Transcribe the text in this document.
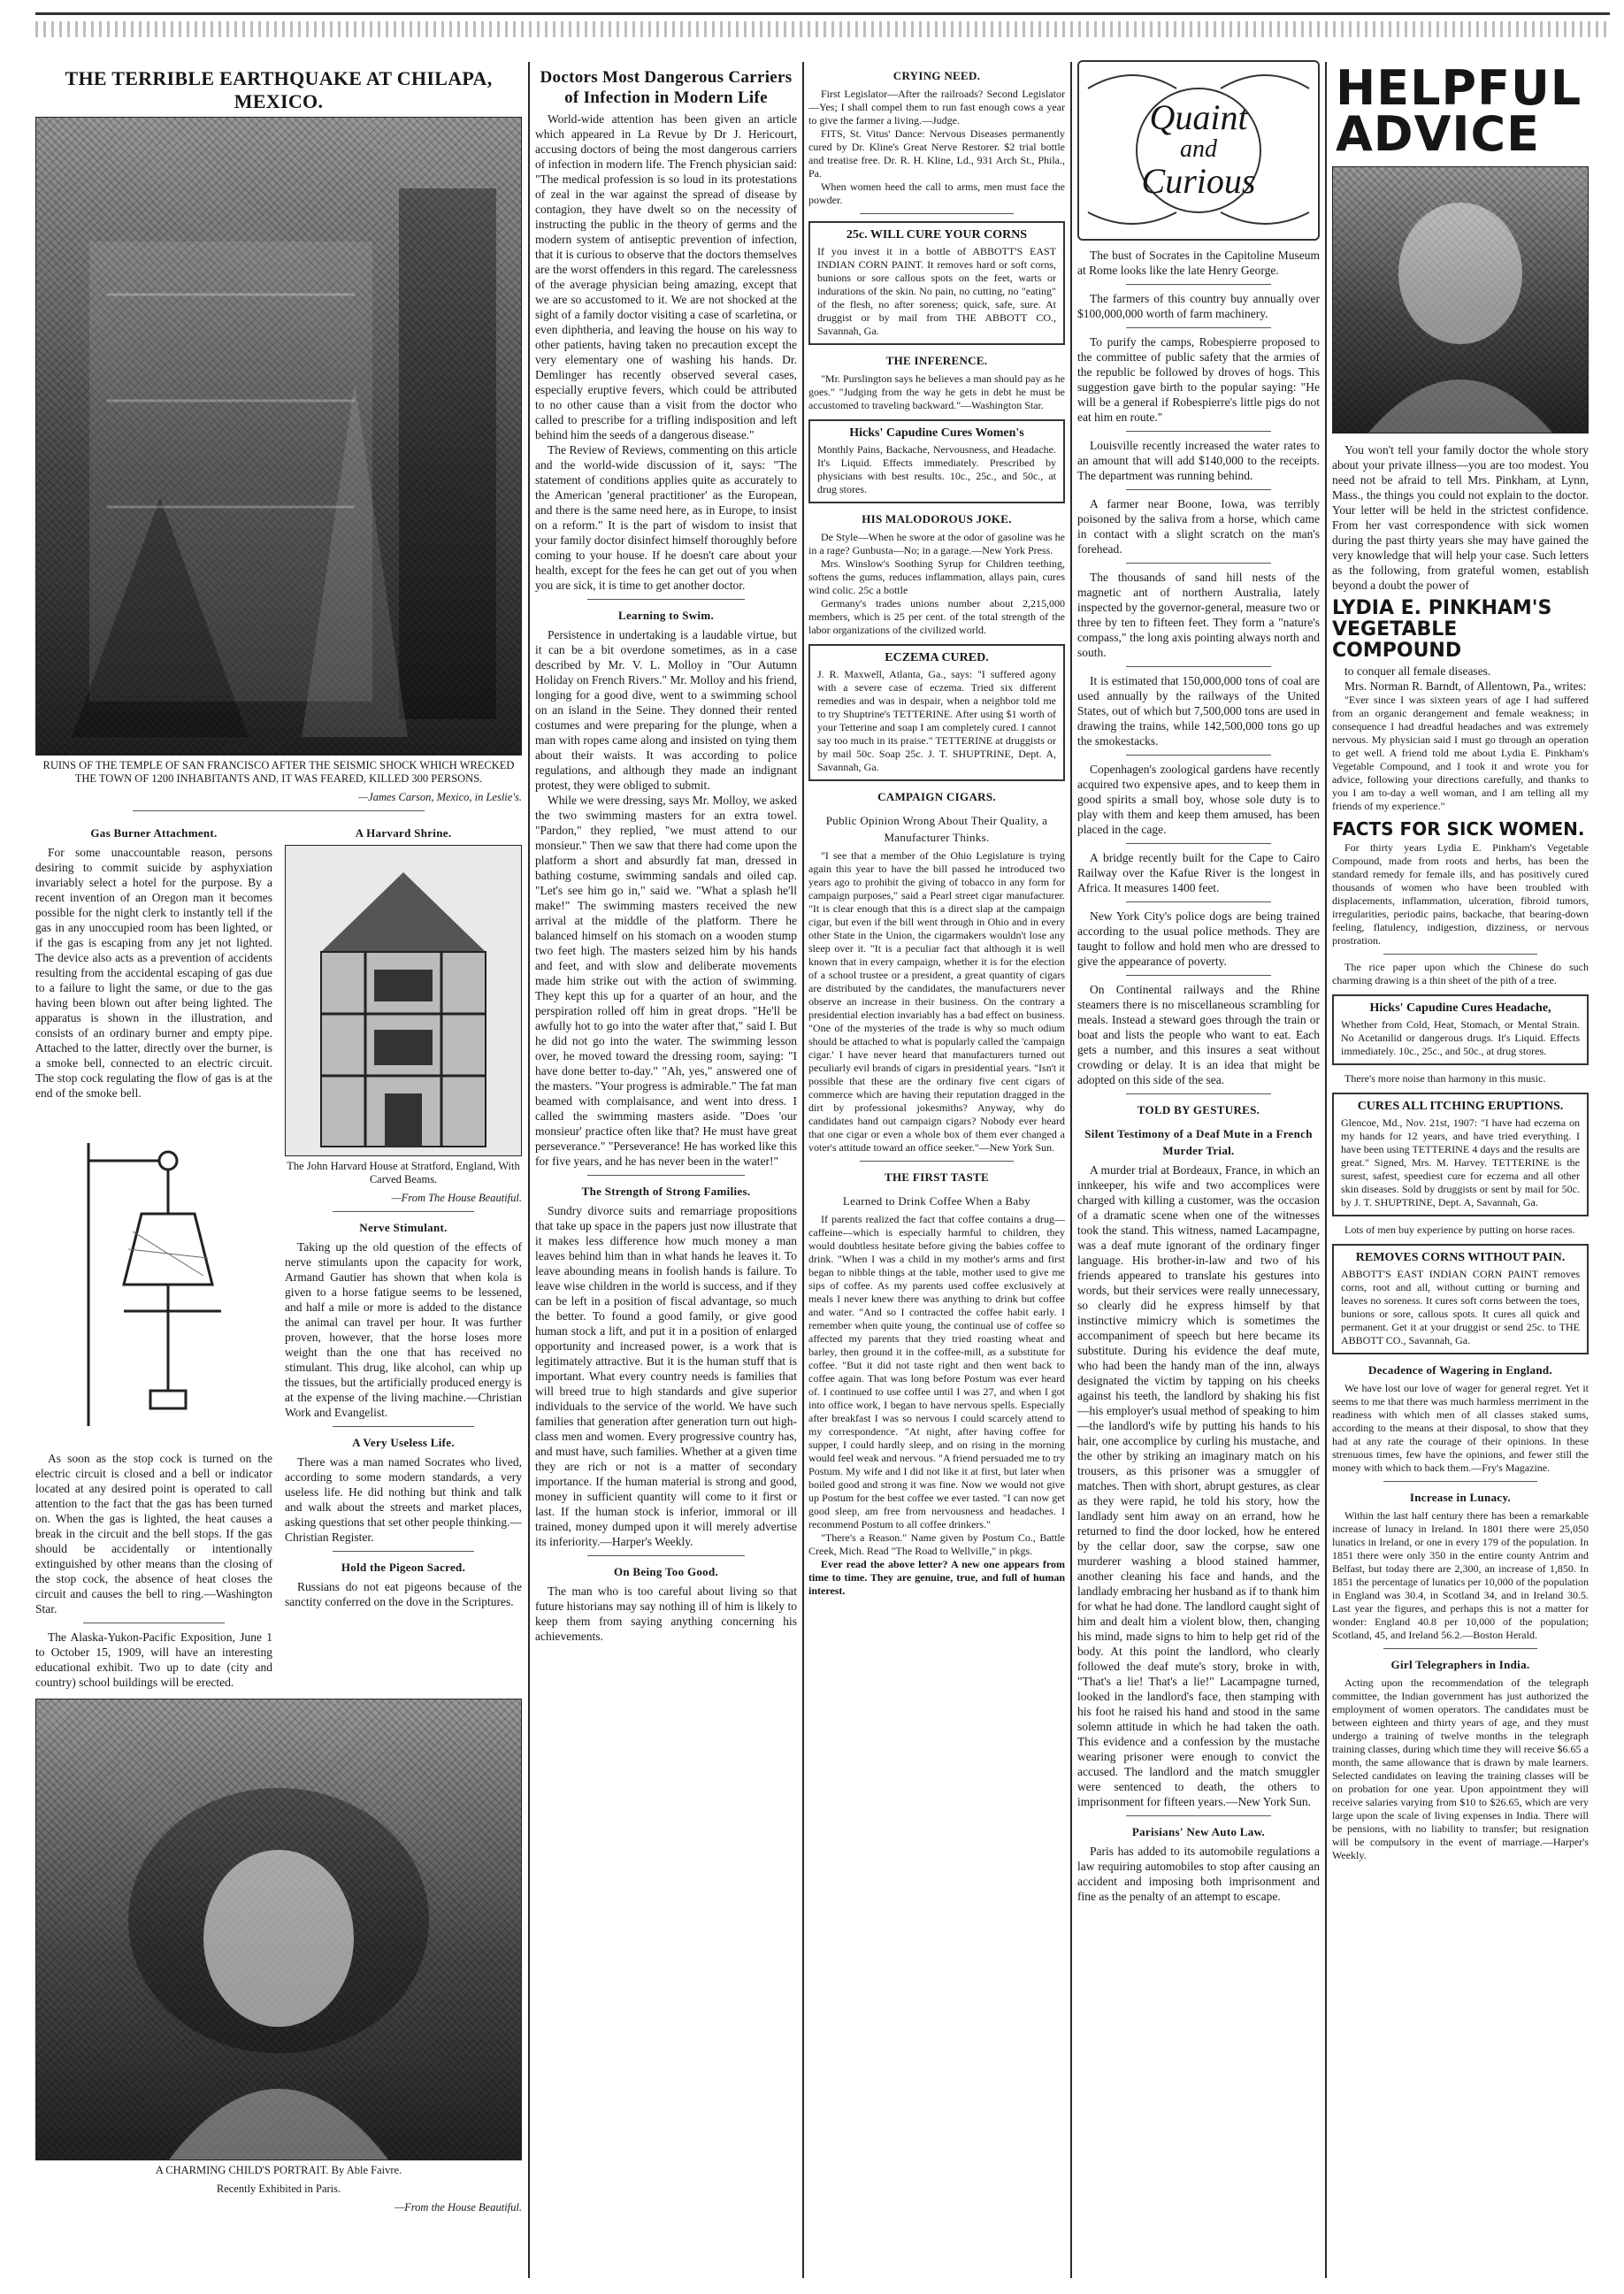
THE TERRIBLE EARTHQUAKE AT CHILAPA, MEXICO.
RUINS OF THE TEMPLE OF SAN FRANCISCO AFTER THE SEISMIC SHOCK WHICH WRECKED THE TOWN OF 1200 INHABITANTS AND, IT WAS FEARED, KILLED 300 PERSONS.
—James Carson, Mexico, in Leslie's.
Gas Burner Attachment.

For some unaccountable reason, persons desiring to commit suicide by asphyxiation invariably select a hotel for the purpose. By a recent invention of an Oregon man it becomes possible for the night clerk to instantly tell if the gas in any unoccupied room has been lighted, or if the gas is escaping from any jet not lighted. The device also acts as a prevention of accidents resulting from the accidental escaping of gas due to a failure to light the same, or due to the gas having been blown out after being lighted. The apparatus is shown in the illustration, and consists of an ordinary burner and empty pipe. Attached to the latter, directly over the burner, is a smoke bell, connected to an electric circuit. The stop cock regulating the flow of gas is at the end of the smoke bell.

As soon as the stop cock is turned on the electric circuit is closed and a bell or indicator located at any desired point is operated to call attention to the fact that the gas has been turned on. When the gas is lighted, the heat causes a break in the circuit and the bell stops. If the gas should be accidentally or intentionally extinguished by other means than the closing of the stop cock, the absence of heat closes the circuit and causes the bell to ring.—Washington Star.

The Alaska-Yukon-Pacific Exposition, June 1 to October 15, 1909, will have an interesting educational exhibit. Two up to date (city and country) school buildings will be erected.

A Harvard Shrine.
The John Harvard House at Stratford, England, With Carved Beams.
—From The House Beautiful.
Nerve Stimulant.

Taking up the old question of the effects of nerve stimulants upon the capacity for work, Armand Gautier has shown that when kola is given to a horse fatigue seems to be lessened, and half a mile or more is added to the distance the animal can travel per hour. It was further proven, however, that the horse loses more weight than the one that has received no stimulant. This drug, like alcohol, can whip up the tissues, but the artificially produced energy is at the expense of the living machine.—Christian Work and Evangelist.

A Very Useless Life.

There was a man named Socrates who lived, according to some modern standards, a very useless life. He did nothing but think and talk and walk about the streets and market places, asking questions that set other people thinking.—Christian Register.

Hold the Pigeon Sacred.

Russians do not eat pigeons because of the sanctity conferred on the dove in the Scriptures.

A CHARMING CHILD'S PORTRAIT. By Able Faivre.
Recently Exhibited in Paris.
—From the House Beautiful.
Doctors Most Dangerous Carriers of Infection in Modern Life

World-wide attention has been given an article which appeared in La Revue by Dr J. Hericourt, accusing doctors of being the most dangerous carriers of infection in modern life. The French physician said: "The medical profession is so loud in its protestations of zeal in the war against the spread of disease by contagion, they have dwelt so on the necessity of instructing the public in the theory of germs and the modern system of antiseptic prevention of infection, that it is curious to observe that the doctors themselves are the worst offenders in this regard. The carelessness of the average physician being amazing, except that we are so accustomed to it. We are not shocked at the sight of a family doctor visiting a case of scarletina, or even diphtheria, and leaving the house on his way to other patients, having taken no precaution except the very elementary one of washing his hands. Dr. Demlinger has recently observed several cases, especially eruptive fevers, which could be attributed to no other cause than a visit from the doctor who called to prescribe for a trifling indisposition and left behind him the seeds of a dangerous disease."

The Review of Reviews, commenting on this article and the world-wide discussion of it, says: "The statement of conditions applies quite as accurately to the American 'general practitioner' as the European, and there is the same need here, as in Europe, to insist on a reform." It is the part of wisdom to insist that your family doctor disinfect himself thoroughly before coming to your house. If he doesn't care about your health, except for the fees he can get out of you when you are sick, it is time to get another doctor.

Learning to Swim.

Persistence in undertaking is a laudable virtue, but it can be a bit overdone sometimes, as in a case described by Mr. V. L. Molloy in "Our Autumn Holiday on French Rivers." Mr. Molloy and his friend, longing for a good dive, went to a swimming school on an island in the Seine. They donned their rented costumes and were preparing for the plunge, when a man with ropes came along and insisted on tying them about their waists. It was according to police regulations, and although they made an indignant protest, they were obliged to submit.

While we were dressing, says Mr. Molloy, we asked the two swimming masters for an extra towel. "Pardon," they replied, "we must attend to our monsieur." Then we saw that there had come upon the platform a short and absurdly fat man, dressed in bathing costume, swimming sandals and oiled cap. "Let's see him go in," said we. "What a splash he'll make!" The swimming masters received the new arrival at the middle of the platform. There he balanced himself on his stomach on a wooden stump two feet high. The masters seized him by his hands and feet, and with slow and deliberate movements made him strike out with the action of swimming. They kept this up for a quarter of an hour, and the perspiration rolled off him in great drops. "He'll be awfully hot to go into the water after that," said I. But he did not go into the water. The swimming lesson over, he moved toward the dressing room, saying: "I have done better to-day." "Ah, yes," answered one of the masters. "Your progress is admirable." The fat man beamed with complaisance, and went into dress. I called the swimming masters aside. "Does 'our monsieur' practice often like that? He must have great perseverance." "Perseverance! He has worked like this for five years, and he has never been in the water!"

The Strength of Strong Families.

Sundry divorce suits and remarriage propositions that take up space in the papers just now illustrate that it makes less difference how much money a man leaves behind him than in what hands he leaves it. To leave abounding means in foolish hands is failure. To leave wise children in the world is success, and if they can be left in a position of fiscal advantage, so much the better. To found a good family, or give good human stock a lift, and put it in a position of enlarged opportunity and increased power, is a work that is legitimately attractive. But it is the human stuff that is important. What every country needs is families that will breed true to high standards and give superior individuals to the service of the world. We have such families that generation after generation turn out high-class men and women. Every progressive country has, and must have, such families. Whether at a given time they are rich or not is a matter of secondary importance. If the human material is strong and good, money in sufficient quantity will come to it first or last. If the human stock is inferior, immoral or ill trained, money dumped upon it will merely advertise its inferiority.—Harper's Weekly.

On Being Too Good.

The man who is too careful about living so that future historians may say nothing ill of him is likely to keep them from saying anything concerning his achievements.

CRYING NEED.

First Legislator—After the railroads? Second Legislator—Yes; I shall compel them to run fast enough cows a year to give the farmer a living.—Judge.

FITS, St. Vitus' Dance: Nervous Diseases permanently cured by Dr. Kline's Great Nerve Restorer. $2 trial bottle and treatise free. Dr. R. H. Kline, Ld., 931 Arch St., Phila., Pa.

When women heed the call to arms, men must face the powder.

25c. WILL CURE YOUR CORNS
If you invest it in a bottle of ABBOTT'S EAST INDIAN CORN PAINT. It removes hard or soft corns, bunions or sore callous spots on the feet, warts or indurations of the skin. No pain, no cutting, no "eating" of the flesh, no after soreness; quick, safe, sure. At druggist or by mail from THE ABBOTT CO., Savannah, Ga.
THE INFERENCE.

"Mr. Purslington says he believes a man should pay as he goes." "Judging from the way he gets in debt he must be accustomed to traveling backward."—Washington Star.

Hicks' Capudine Cures Women's
Monthly Pains, Backache, Nervousness, and Headache. It's Liquid. Effects immediately. Prescribed by physicians with best results. 10c., 25c., and 50c., at drug stores.
HIS MALODOROUS JOKE.

De Style—When he swore at the odor of gasoline was he in a rage? Gunbusta—No; in a garage.—New York Press.

Mrs. Winslow's Soothing Syrup for Children teething, softens the gums, reduces inflammation, allays pain, cures wind colic. 25c a bottle

Germany's trades unions number about 2,215,000 members, which is 25 per cent. of the total strength of the labor organizations of the civilized world.

ECZEMA CURED.
J. R. Maxwell, Atlanta, Ga., says: "I suffered agony with a severe case of eczema. Tried six different remedies and was in despair, when a neighbor told me to try Shuptrine's TETTERINE. After using $1 worth of your Tetterine and soap I am completely cured. I cannot say too much in its praise." TETTERINE at druggists or by mail 50c. Soap 25c. J. T. SHUPTRINE, Dept. A, Savannah, Ga.
CAMPAIGN CIGARS.
Public Opinion Wrong About Their Quality, a Manufacturer Thinks.

"I see that a member of the Ohio Legislature is trying again this year to have the bill passed he introduced two years ago to prohibit the giving of tobacco in any form for campaign purposes," said a Pearl street cigar manufacturer. "It is clear enough that this is a direct slap at the campaign cigar, but even if the bill went through in Ohio and in every other State in the Union, the cigarmakers wouldn't lose any sleep over it. "It is a peculiar fact that although it is well known that in every campaign, whether it is for the election of a school trustee or a president, a great quantity of cigars are distributed by the candidates, the manufacturers never observe an increase in their business. On the contrary a presidential election invariably has a bad effect on business. "One of the mysteries of the trade is why so much odium should be attached to what is popularly called the 'campaign cigar.' I have never heard that manufacturers turned out peculiarly evil brands of cigars in presidential years. "Isn't it possible that these are the ordinary five cent cigars of commerce which are having their reputation dragged in the dirt by professional jokesmiths? Anyway, why do candidates hand out campaign cigars? Nobody ever heard that one cigar or even a whole box of them ever changed a voter's attitude toward an office seeker."—New York Sun.

THE FIRST TASTE
Learned to Drink Coffee When a Baby

If parents realized the fact that coffee contains a drug—caffeine—which is especially harmful to children, they would doubtless hesitate before giving the babies coffee to drink. "When I was a child in my mother's arms and first began to nibble things at the table, mother used to give me sips of coffee. As my parents used coffee exclusively at meals I never knew there was anything to drink but coffee and water. "And so I contracted the coffee habit early. I remember when quite young, the continual use of coffee so affected my parents that they tried roasting wheat and barley, then ground it in the coffee-mill, as a substitute for coffee. "But it did not taste right and then went back to coffee again. That was long before Postum was ever heard of. I continued to use coffee until I was 27, and when I got into office work, I began to have nervous spells. Especially after breakfast I was so nervous I could scarcely attend to my correspondence. "At night, after having coffee for supper, I could hardly sleep, and on rising in the morning would feel weak and nervous. "A friend persuaded me to try Postum. My wife and I did not like it at first, but later when boiled good and strong it was fine. Now we would not give up Postum for the best coffee we ever tasted. "I can now get good sleep, am free from nervousness and headaches. I recommend Postum to all coffee drinkers."

"There's a Reason." Name given by Postum Co., Battle Creek, Mich. Read "The Road to Wellville," in pkgs.

Ever read the above letter? A new one appears from time to time. They are genuine, true, and full of human interest.

Quaint
and
Curious

The bust of Socrates in the Capitoline Museum at Rome looks like the late Henry George.

The farmers of this country buy annually over $100,000,000 worth of farm machinery.

To purify the camps, Robespierre proposed to the committee of public safety that the armies of the republic be followed by droves of hogs. This suggestion gave birth to the popular saying: "He will be a general if Robespierre's little pigs do not eat him en route."

Louisville recently increased the water rates to an amount that will add $140,000 to the receipts. The department was running behind.

A farmer near Boone, Iowa, was terribly poisoned by the saliva from a horse, which came in contact with a slight scratch on the man's forehead.

The thousands of sand hill nests of the magnetic ant of northern Australia, lately inspected by the governor-general, measure two or three by ten to fifteen feet. They form a "nature's compass," the long axis pointing always north and south.

It is estimated that 150,000,000 tons of coal are used annually by the railways of the United States, out of which but 7,500,000 tons are used in drawing the trains, while 142,500,000 tons go up the smokestacks.

Copenhagen's zoological gardens have recently acquired two expensive apes, and to keep them in good spirits a small boy, whose sole duty is to play with them and keep them amused, has been placed in the cage.

A bridge recently built for the Cape to Cairo Railway over the Kafue River is the longest in Africa. It measures 1400 feet.

New York City's police dogs are being trained according to the usual police methods. They are taught to follow and hold men who are dressed to give the appearance of poverty.

On Continental railways and the Rhine steamers there is no miscellaneous scrambling for meals. Instead a steward goes through the train or boat and lists the people who want to eat. Each gets a number, and this insures a seat without crowding or delay. It is an idea that might be adopted on this side of the sea.

TOLD BY GESTURES.
Silent Testimony of a Deaf Mute in a French Murder Trial.

A murder trial at Bordeaux, France, in which an innkeeper, his wife and two accomplices were charged with killing a customer, was the occasion of a dramatic scene when one of the witnesses took the stand. This witness, named Lacampagne, was a deaf mute ignorant of the ordinary finger language. His brother-in-law and two of his friends appeared to translate his gestures into words, but their services were really unnecessary, so clearly did he express himself by that instinctive mimicry which is sometimes the accompaniment of speech but here became its substitute. During his evidence the deaf mute, who had been the handy man of the inn, always designated the victim by tapping on his cheeks against his teeth, the landlord by shaking his fist—his employer's usual method of speaking to him—the landlord's wife by putting his hands to his hair, one accomplice by curling his mustache, and the other by striking an imaginary match on his trousers, as this prisoner was a smuggler of matches. Then with short, abrupt gestures, as clear as they were rapid, he told his story, how the landlady sent him away on an errand, how he returned to find the door locked, how he entered by the cellar door, saw the corpse, saw one murderer washing a blood stained hammer, another cleaning his face and hands, and the landlady embracing her husband as if to thank him for what he had done. The landlord caught sight of him and dealt him a violent blow, then, changing his mind, made signs to him to help get rid of the body. At this point the landlord, who clearly followed the deaf mute's story, broke in with, "That's a lie! That's a lie!" Lacampagne turned, looked in the landlord's face, then stamping with his foot he raised his hand and stood in the same solemn attitude in which he had taken the oath. This evidence and a confession by the mustache wearing prisoner were enough to convict the accused. The landlord and the match smuggler were sentenced to death, the others to imprisonment for fifteen years.—New York Sun.

Parisians' New Auto Law.

Paris has added to its automobile regulations a law requiring automobiles to stop after causing an accident and imposing both imprisonment and fine as the penalty of an attempt to escape.

HELPFUL ADVICE

You won't tell your family doctor the whole story about your private illness—you are too modest. You need not be afraid to tell Mrs. Pinkham, at Lynn, Mass., the things you could not explain to the doctor. Your letter will be held in the strictest confidence. From her vast correspondence with sick women during the past thirty years she may have gained the very knowledge that will help your case. Such letters as the following, from grateful women, establish beyond a doubt the power of

LYDIA E. PINKHAM'S VEGETABLE COMPOUND

to conquer all female diseases.

Mrs. Norman R. Barndt, of Allentown, Pa., writes:

"Ever since I was sixteen years of age I had suffered from an organic derangement and female weakness; in consequence I had dreadful headaches and was extremely nervous. My physician said I must go through an operation to get well. A friend told me about Lydia E. Pinkham's Vegetable Compound, and I took it and wrote you for advice, following your directions carefully, and thanks to you I am to-day a well woman, and I am telling all my friends of my experience."

FACTS FOR SICK WOMEN.

For thirty years Lydia E. Pinkham's Vegetable Compound, made from roots and herbs, has been the standard remedy for female ills, and has positively cured thousands of women who have been troubled with displacements, inflammation, ulceration, fibroid tumors, irregularities, periodic pains, backache, that bearing-down feeling, flatulency, indigestion, dizziness, or nervous prostration.

The rice paper upon which the Chinese do such charming drawing is a thin sheet of the pith of a tree.

Hicks' Capudine Cures Headache,
Whether from Cold, Heat, Stomach, or Mental Strain. No Acetanilid or dangerous drugs. It's Liquid. Effects immediately. 10c., 25c., and 50c., at drug stores.

There's more noise than harmony in this music.

CURES ALL ITCHING ERUPTIONS.
Glencoe, Md., Nov. 21st, 1907: "I have had eczema on my hands for 12 years, and have tried everything. I have been using TETTERINE 4 days and the results are great." Signed, Mrs. M. Harvey. TETTERINE is the surest, safest, speediest cure for eczema and all other skin diseases. Sold by druggists or sent by mail for 50c. by J. T. SHUPTRINE, Dept. A, Savannah, Ga.

Lots of men buy experience by putting on horse races.

REMOVES CORNS WITHOUT PAIN.
ABBOTT'S EAST INDIAN CORN PAINT removes corns, root and all, without cutting or burning and leaves no soreness. It cures soft corns between the toes, bunions or sore, callous spots. It cures all quick and permanent. Get it at your druggist or send 25c. to THE ABBOTT CO., Savannah, Ga.
Decadence of Wagering in England.

We have lost our love of wager for general regret. Yet it seems to me that there was much harmless merriment in the readiness with which men of all classes staked sums, according to the means at their disposal, to show that they had at any rate the courage of their opinions. In these strenuous times, few have the opinions, and fewer still the money with which to back them.—Fry's Magazine.

Increase in Lunacy.

Within the last half century there has been a remarkable increase of lunacy in Ireland. In 1801 there were 25,050 lunatics in Ireland, or one in every 179 of the population. In 1851 there were only 350 in the entire county Antrim and Belfast, but today there are 2,300, an increase of 1,850. In 1851 the percentage of lunatics per 10,000 of the population in England was 30.4, in Scotland 34, and in Ireland 30.5. Last year the figures, and perhaps this is not a matter for wonder: England 40.8 per 10,000 of the population; Scotland, 45, and Ireland 56.2.—Boston Herald.

Girl Telegraphers in India.

Acting upon the recommendation of the telegraph committee, the Indian government has just authorized the employment of women operators. The candidates must be between eighteen and thirty years of age, and they must undergo a training of twelve months in the telegraph training classes, during which time they will receive $6.65 a month, the same allowance that is drawn by male learners. Selected candidates on leaving the training classes will be on probation for one year. Upon appointment they will receive salaries varying from $10 to $26.65, which are very large upon the scale of living expenses in India. There will be pensions, with no liability to transfer; but resignation will be compulsory in the event of marriage.—Harper's Weekly.
